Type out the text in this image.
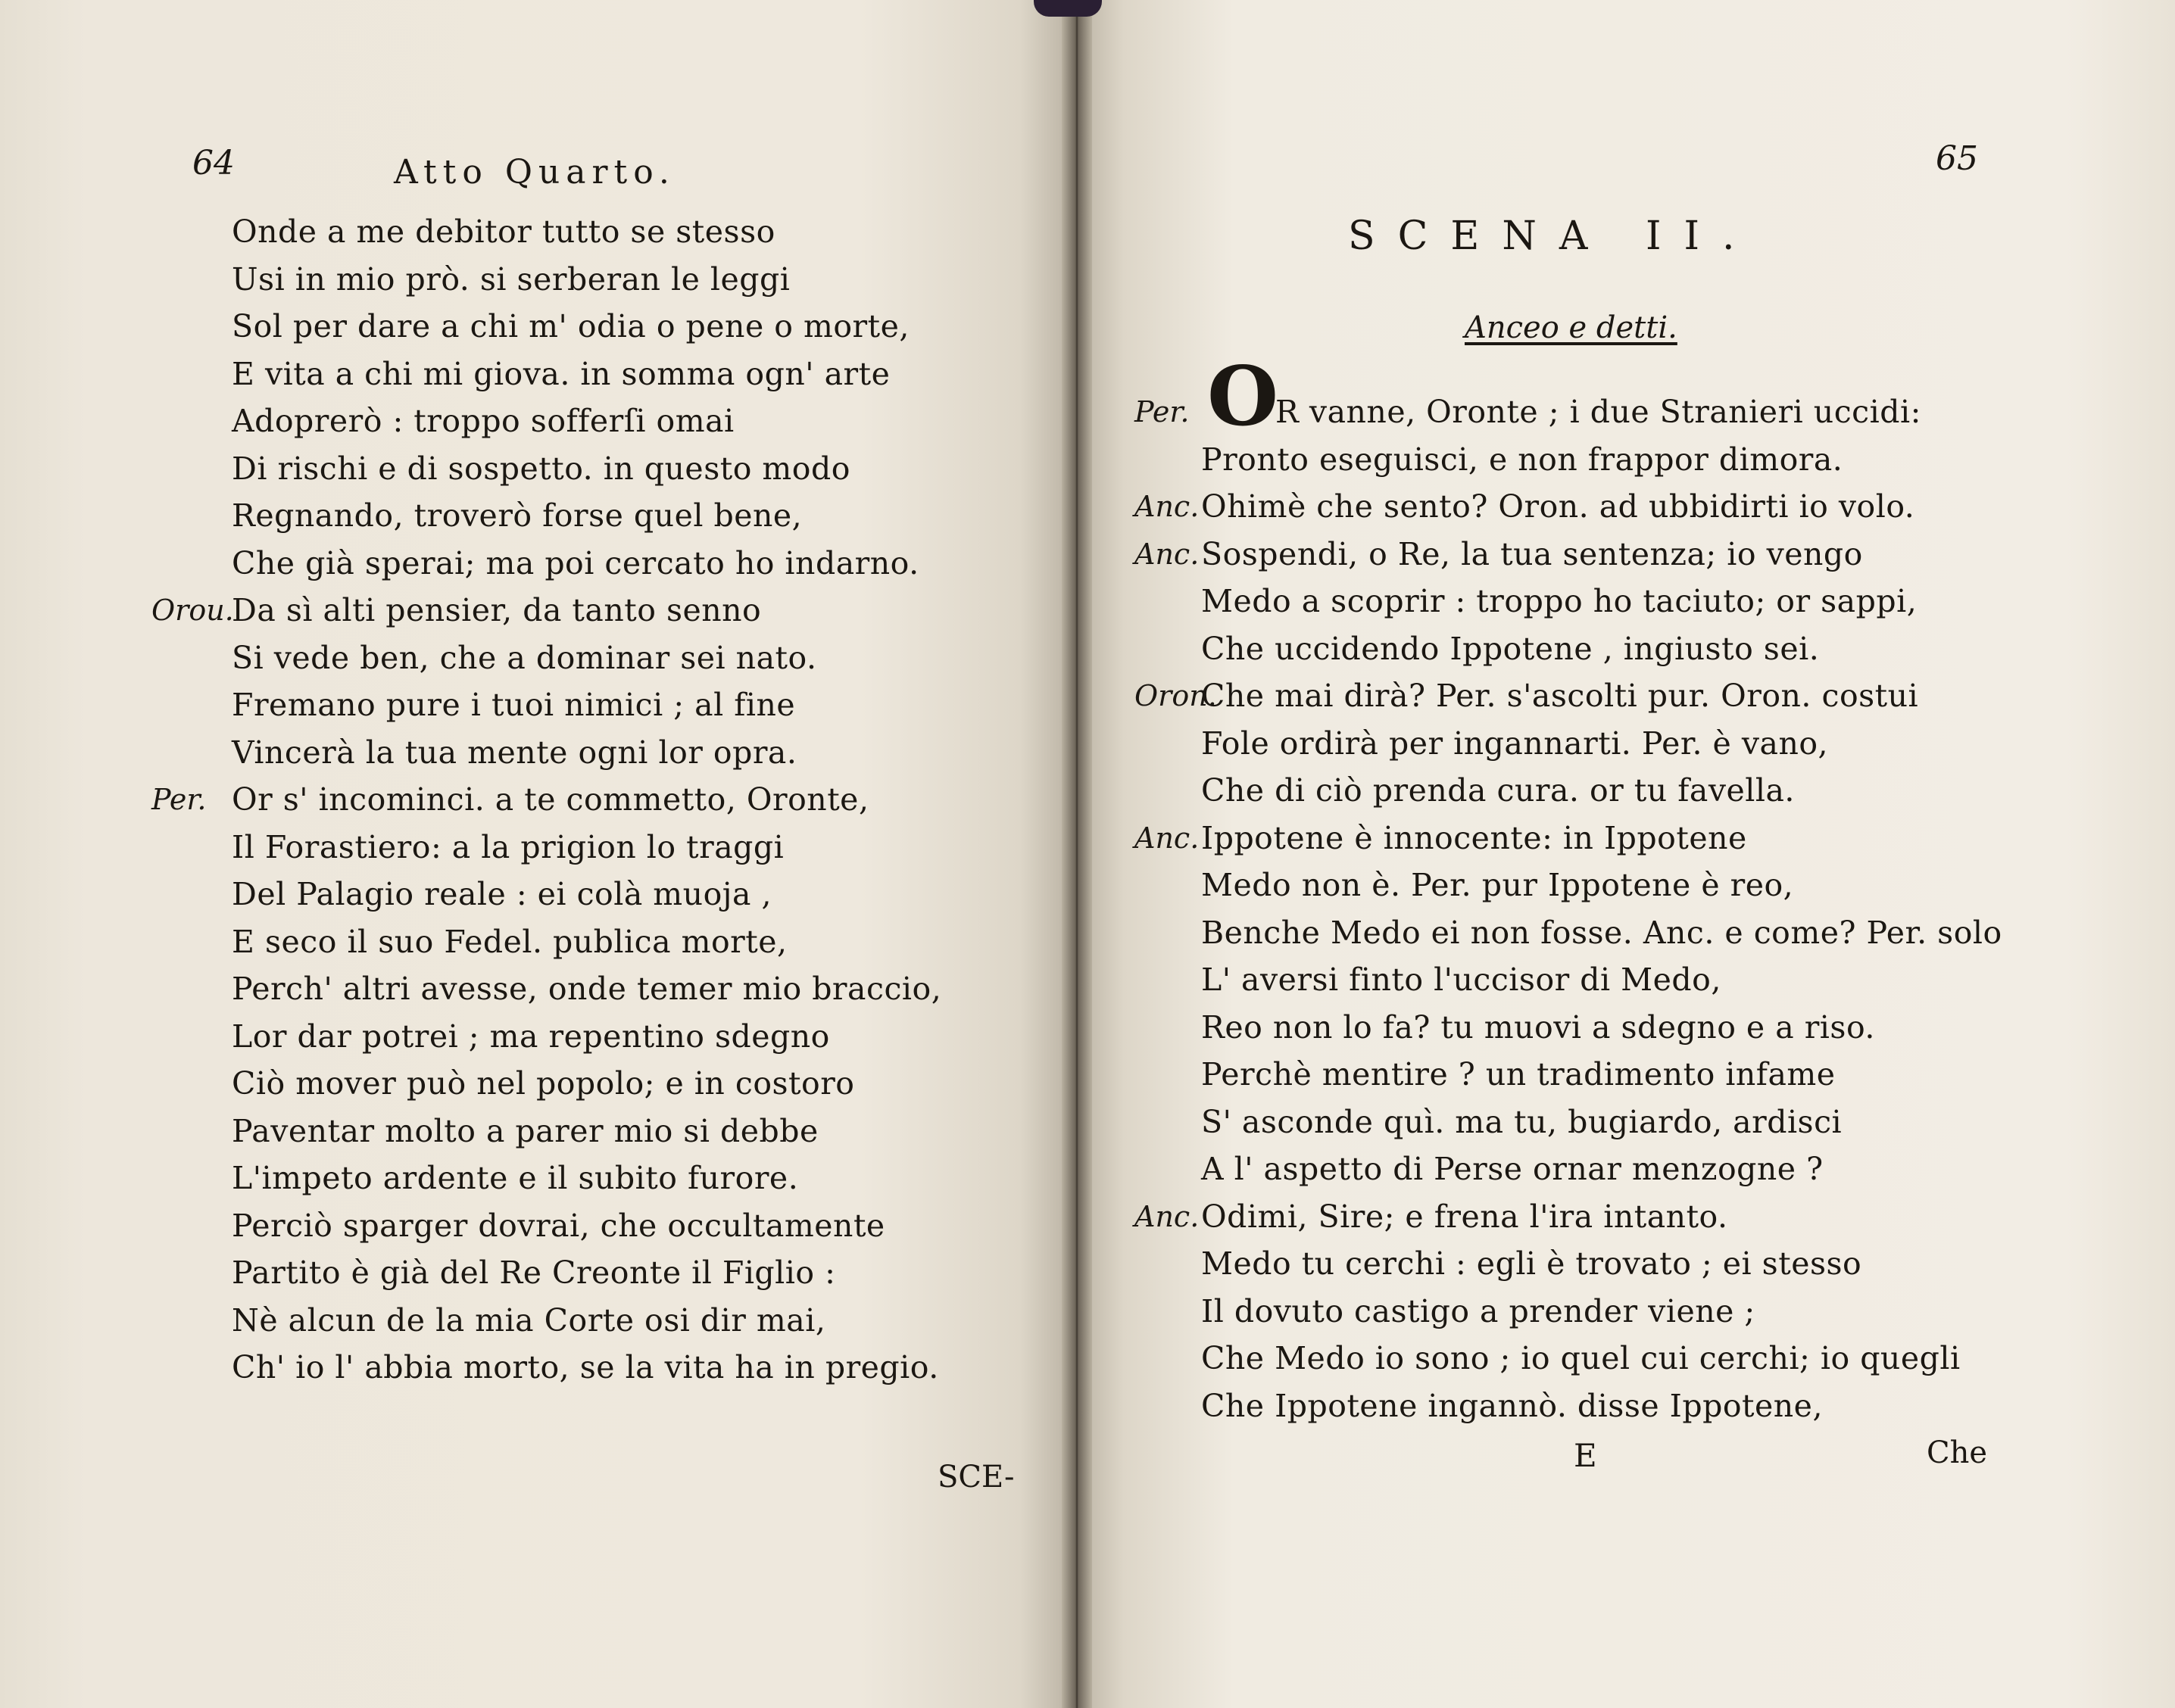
64	Atto Quarto.
Onde a me debitor tutto se stesso
Usi in mio prò. si serberan le leggi
Sol per dare a chi m' odia o pene o morte,
E vita a chi mi giova. in somma ogn' arte
Adoprerò : troppo sofferſi omai
Di rischi e di sospetto. in questo modo
Regnando, troverò forse quel bene,
Che già sperai; ma poi cercato ho indarno.
Orou.
Da sì alti pensier, da tanto senno
Si vede ben, che a dominar sei nato.
Fremano pure i tuoi nimici ; al fine
Vincerà la tua mente ogni lor opra.
Per. Or s' incominci. a te commetto, Oronte,
Il Forastiero: a la prigion lo traggi
Del Palagio reale : ei colà muoja ,
E seco il suo Fedel. publica morte,
Perch' altri avesse, onde temer mio braccio,
Lor dar potrei ; ma repentino sdegno
Ciò mover può nel popolo; e in costoro
Paventar molto a parer mio si debbe
L'impeto ardente e il subito furore.
Perciò sparger dovrai, che occultamente
Partito è già del Re Creonte il Figlio :
Nè alcun de la mia Corte osi dir mai,
Ch' io l' abbia morto, se la vita ha in pregio.
SCE-
65
SCENA II.
Anceo e detti.
O
Per.	R vanne, Oronte ; i due Stranieri uccidi:
Pronto eseguisci, e non frappor dimora.
Anc. Ohimè che sento? Oron. ad ubbidirti io volo.
Anc. Sospendi, o Re, la tua sentenza; io vengo
Medo a scoprir : troppo ho taciuto; or sappi,
Che uccidendo Ippotene , ingiusto sei.
Oron.
Che mai dirà? Per. s'ascolti pur. Oron. costui
Fole ordirà per ingannarti. Per. è vano,
Che di ciò prenda cura. or tu favella.
Anc. Ippotene è innocente: in Ippotene
Medo non è. Per. pur Ippotene è reo,
Benche Medo ei non fosse. Anc. e come? Per. solo
L' aversi finto l'uccisor di Medo,
Reo non lo fa? tu muovi a sdegno e a riso.
Perchè mentire ? un tradimento infame
S' asconde quì. ma tu, bugiardo, ardisci
A l' aspetto di Perse ornar menzogne ?
Anc. Odimi, Sire; e frena l'ira intanto.
Medo tu cerchi : egli è trovato ; ei stesso
Il dovuto castigo a prender viene ;
Che Medo io sono ; io quel cui cerchi; io quegli
Che Ippotene ingannò. disse Ippotene,
E	Che
